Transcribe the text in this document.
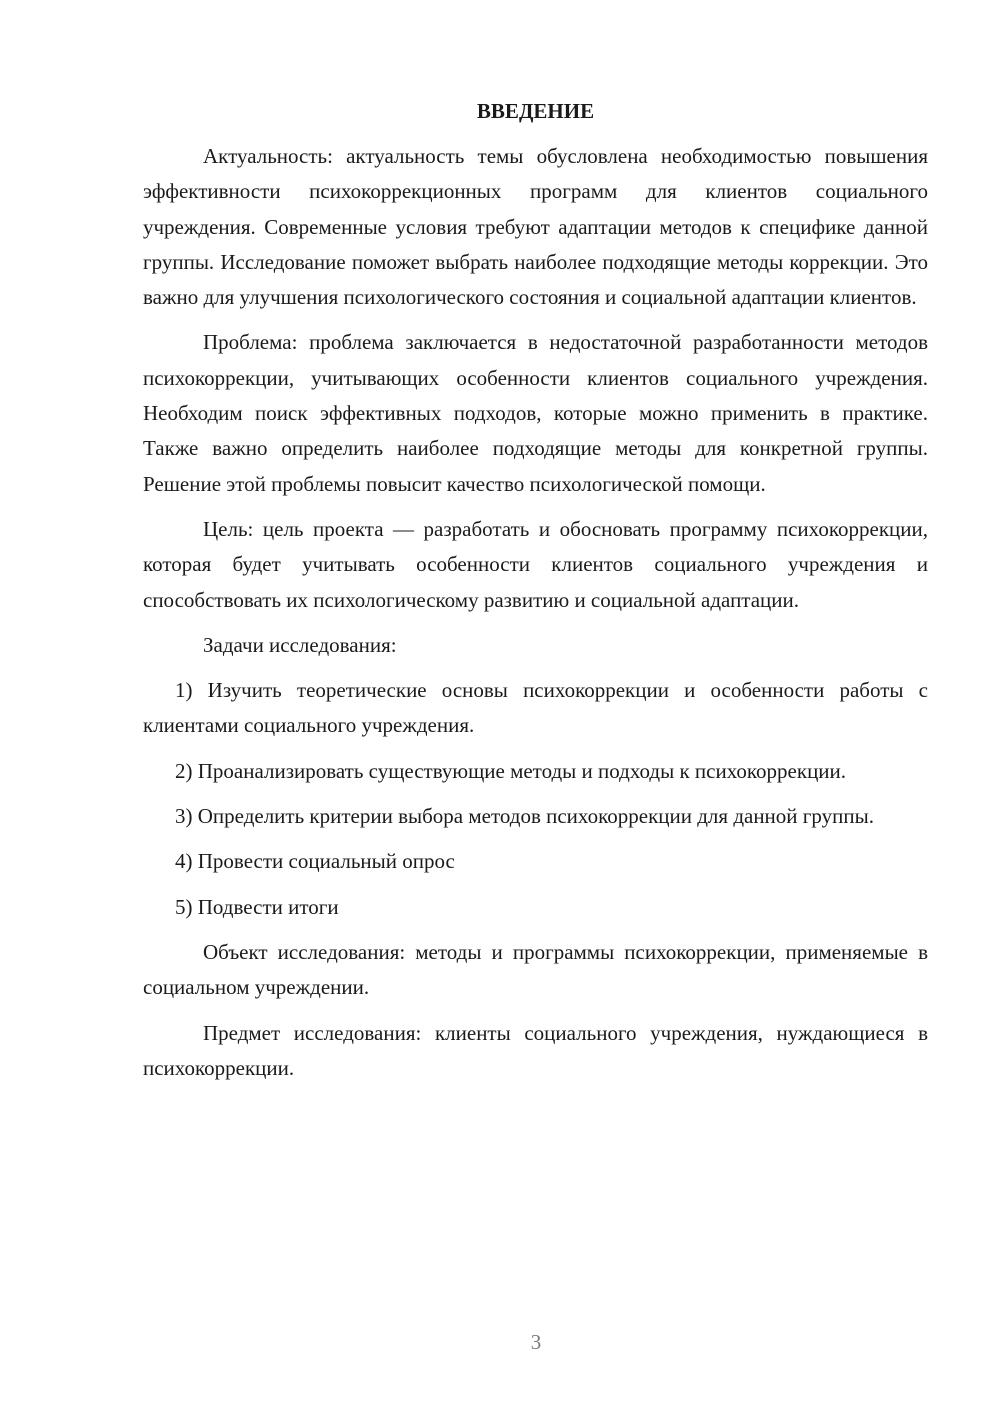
ВВЕДЕНИЕ

Актуальность: актуальность темы обусловлена необходимостью повышения эффективности психокоррекционных программ для клиентов социального учреждения. Современные условия требуют адаптации методов к специфике данной группы. Исследование поможет выбрать наиболее подходящие методы коррекции. Это важно для улучшения психологического состояния и социальной адаптации клиентов.

Проблема: проблема заключается в недостаточной разработанности методов психокоррекции, учитывающих особенности клиентов социального учреждения. Необходим поиск эффективных подходов, которые можно применить в практике. Также важно определить наиболее подходящие методы для конкретной группы. Решение этой проблемы повысит качество психологической помощи.

Цель: цель проекта — разработать и обосновать программу психокоррекции, которая будет учитывать особенности клиентов социального учреждения и способствовать их психологическому развитию и социальной адаптации.

Задачи исследования:

1) Изучить теоретические основы психокоррекции и особенности работы с клиентами социального учреждения.

2) Проанализировать существующие методы и подходы к психокоррекции.

3) Определить критерии выбора методов психокоррекции для данной группы.

4) Провести социальный опрос

5) Подвести итоги

Объект исследования: методы и программы психокоррекции, применяемые в социальном учреждении.

Предмет исследования: клиенты социального учреждения, нуждающиеся в психокоррекции.

3
